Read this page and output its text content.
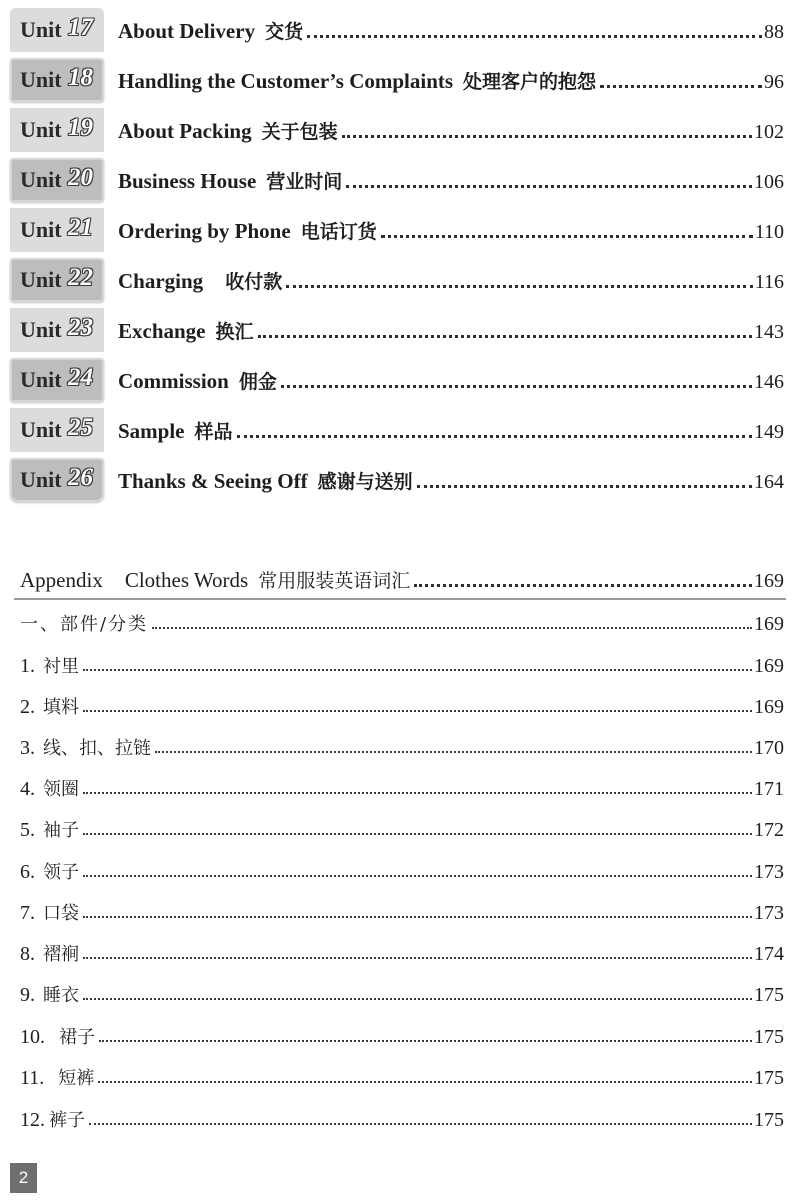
Unit 17 About Delivery 交货	88
Unit 18 Handling the Customer’s Complaints 处理客户的抱怨	96
Unit 19 About Packing 关于包装	102
Unit 20 Business House 营业时间	106
Unit 21 Ordering by Phone 电话订货	110
Unit 22 Charging 收付款	116
Unit 23 Exchange 换汇	143
Unit 24 Commission 佣金	146
Unit 25 Sample 样品	149
Unit 26 Thanks & Seeing Off 感谢与送别	164
Appendix Clothes Words 常用服装英语词汇	169
一、部件/分类	169
1. 衬里	169
2. 填料	169
3. 线、扣、拉链	170
4. 领圈	171
5. 袖子	172
6. 领子	173
7. 口袋	173
8. 褶裥	174
9. 睡衣	175
10. 裙子	175
11. 短裤	175
12. 裤子	175
2
